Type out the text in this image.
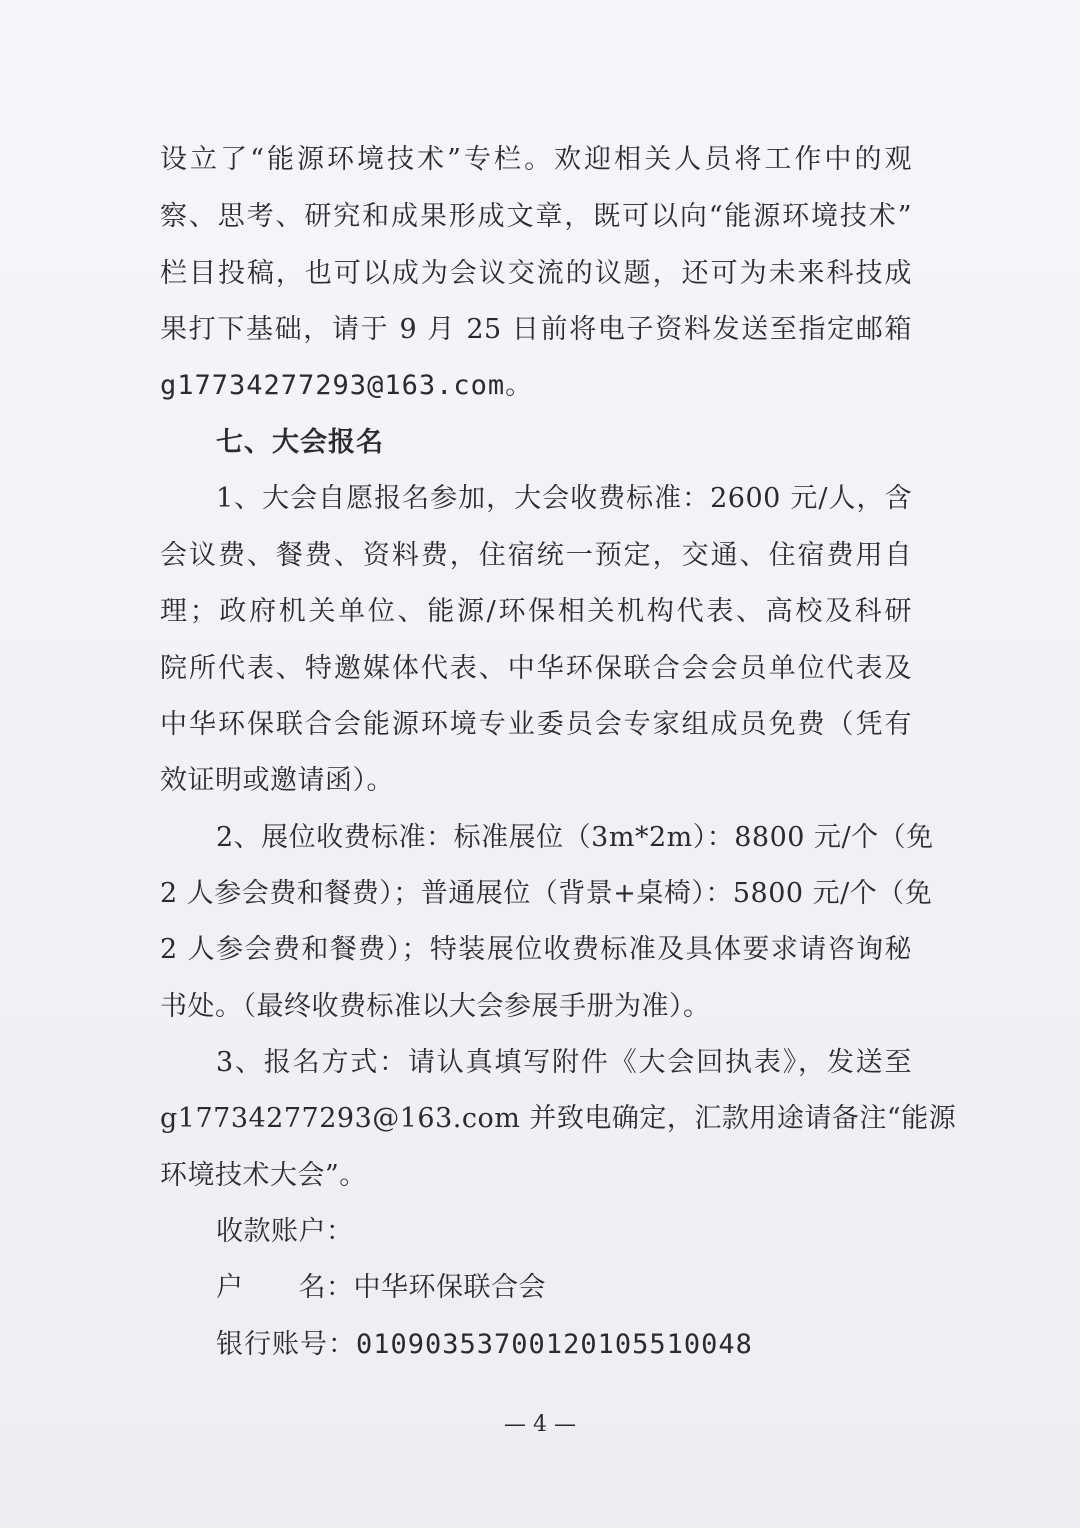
设立了“能源环境技术”专栏。欢迎相关人员将工作中的观
察、思考、研究和成果形成文章，既可以向“能源环境技术”
栏目投稿，也可以成为会议交流的议题，还可为未来科技成
果打下基础，请于 9 月 25 日前将电子资料发送至指定邮箱
g17734277293@163.com。
七、大会报名
1、大会自愿报名参加，大会收费标准：2600 元/人，含
会议费、餐费、资料费，住宿统一预定，交通、住宿费用自
理；政府机关单位、能源/环保相关机构代表、高校及科研
院所代表、特邀媒体代表、中华环保联合会会员单位代表及
中华环保联合会能源环境专业委员会专家组成员免费（凭有
效证明或邀请函）。
2、展位收费标准：标准展位（3m*2m）：8800 元/个（免
2 人参会费和餐费）；普通展位（背景+桌椅）：5800 元/个（免
2 人参会费和餐费）；特装展位收费标准及具体要求请咨询秘
书处。（最终收费标准以大会参展手册为准）。
3、报名方式：请认真填写附件《大会回执表》，发送至
g17734277293@163.com 并致电确定，汇款用途请备注“能源
环境技术大会”。
收款账户：
户　　名：中华环保联合会
银行账号：0109035370012010551004​8
— 4 —
